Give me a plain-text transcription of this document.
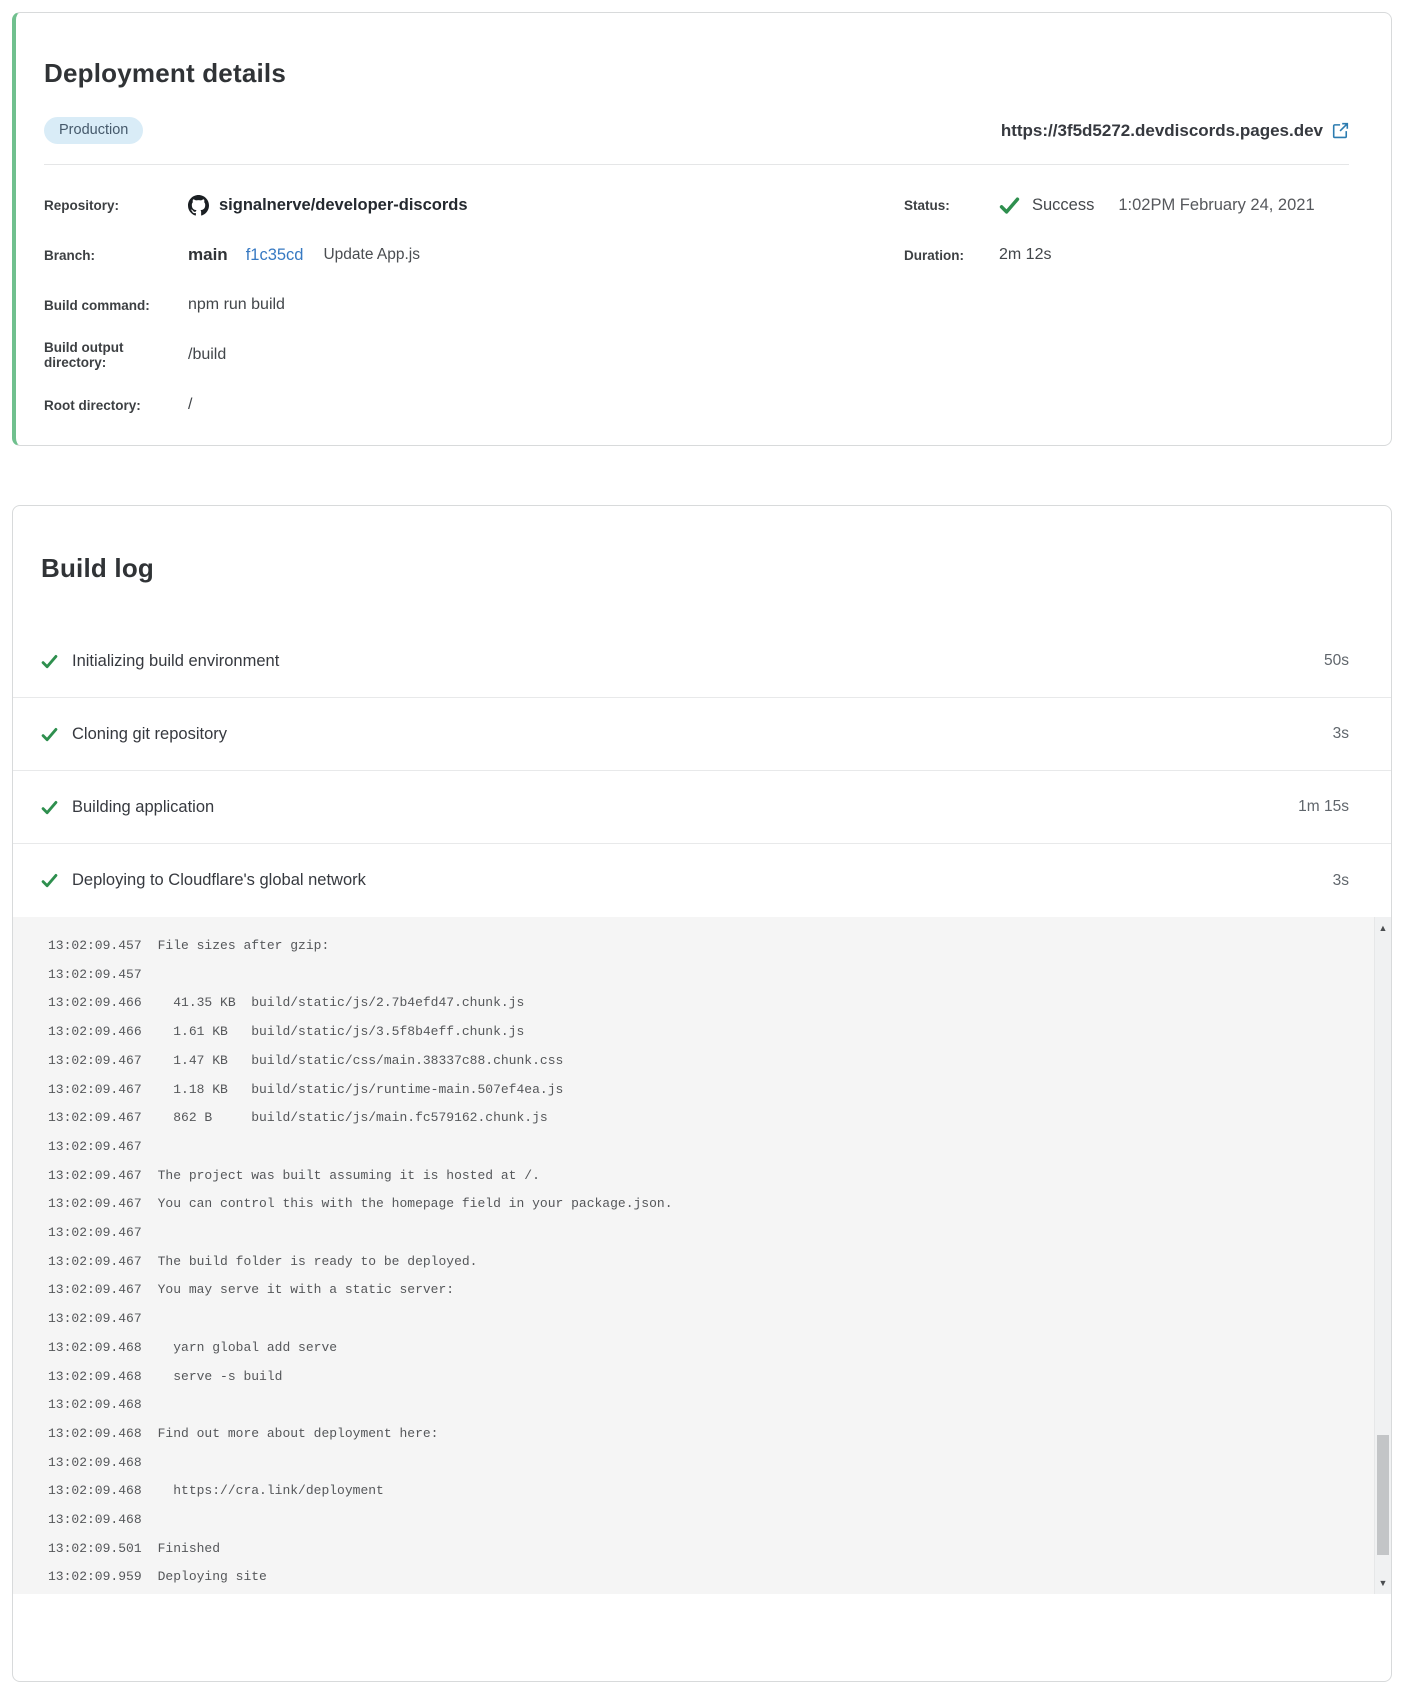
Deployment details
Production	https://3f5d5272.devdiscords.pages.dev
Repository:	signalnerve/developer-discords
Branch:	main f1c35cd Update App.js
Build command:	npm run build
Build output directory:	/build
Root directory:	/
Status:	Success 1:02PM February 24, 2021
Duration:	2m 12s
Build log
Initializing build environment	50s
Cloning git repository	3s
Building application	1m 15s
Deploying to Cloudflare's global network	3s
13:02:09.457 File sizes after gzip:
13:02:09.457
13:02:09.466  41.35 KB  build/static/js/2.7b4efd47.chunk.js
13:02:09.466  1.61 KB   build/static/js/3.5f8b4eff.chunk.js
13:02:09.467  1.47 KB   build/static/css/main.38337c88.chunk.css
13:02:09.467  1.18 KB   build/static/js/runtime-main.507ef4ea.js
13:02:09.467  862 B     build/static/js/main.fc579162.chunk.js
13:02:09.467
13:02:09.467 The project was built assuming it is hosted at /.
13:02:09.467 You can control this with the homepage field in your package.json.
13:02:09.467
13:02:09.467 The build folder is ready to be deployed.
13:02:09.467 You may serve it with a static server:
13:02:09.467
13:02:09.468  yarn global add serve
13:02:09.468  serve -s build
13:02:09.468
13:02:09.468 Find out more about deployment here:
13:02:09.468
13:02:09.468  https://cra.link/deployment
13:02:09.468
13:02:09.501 Finished
13:02:09.959 Deploying site
▲
▼
